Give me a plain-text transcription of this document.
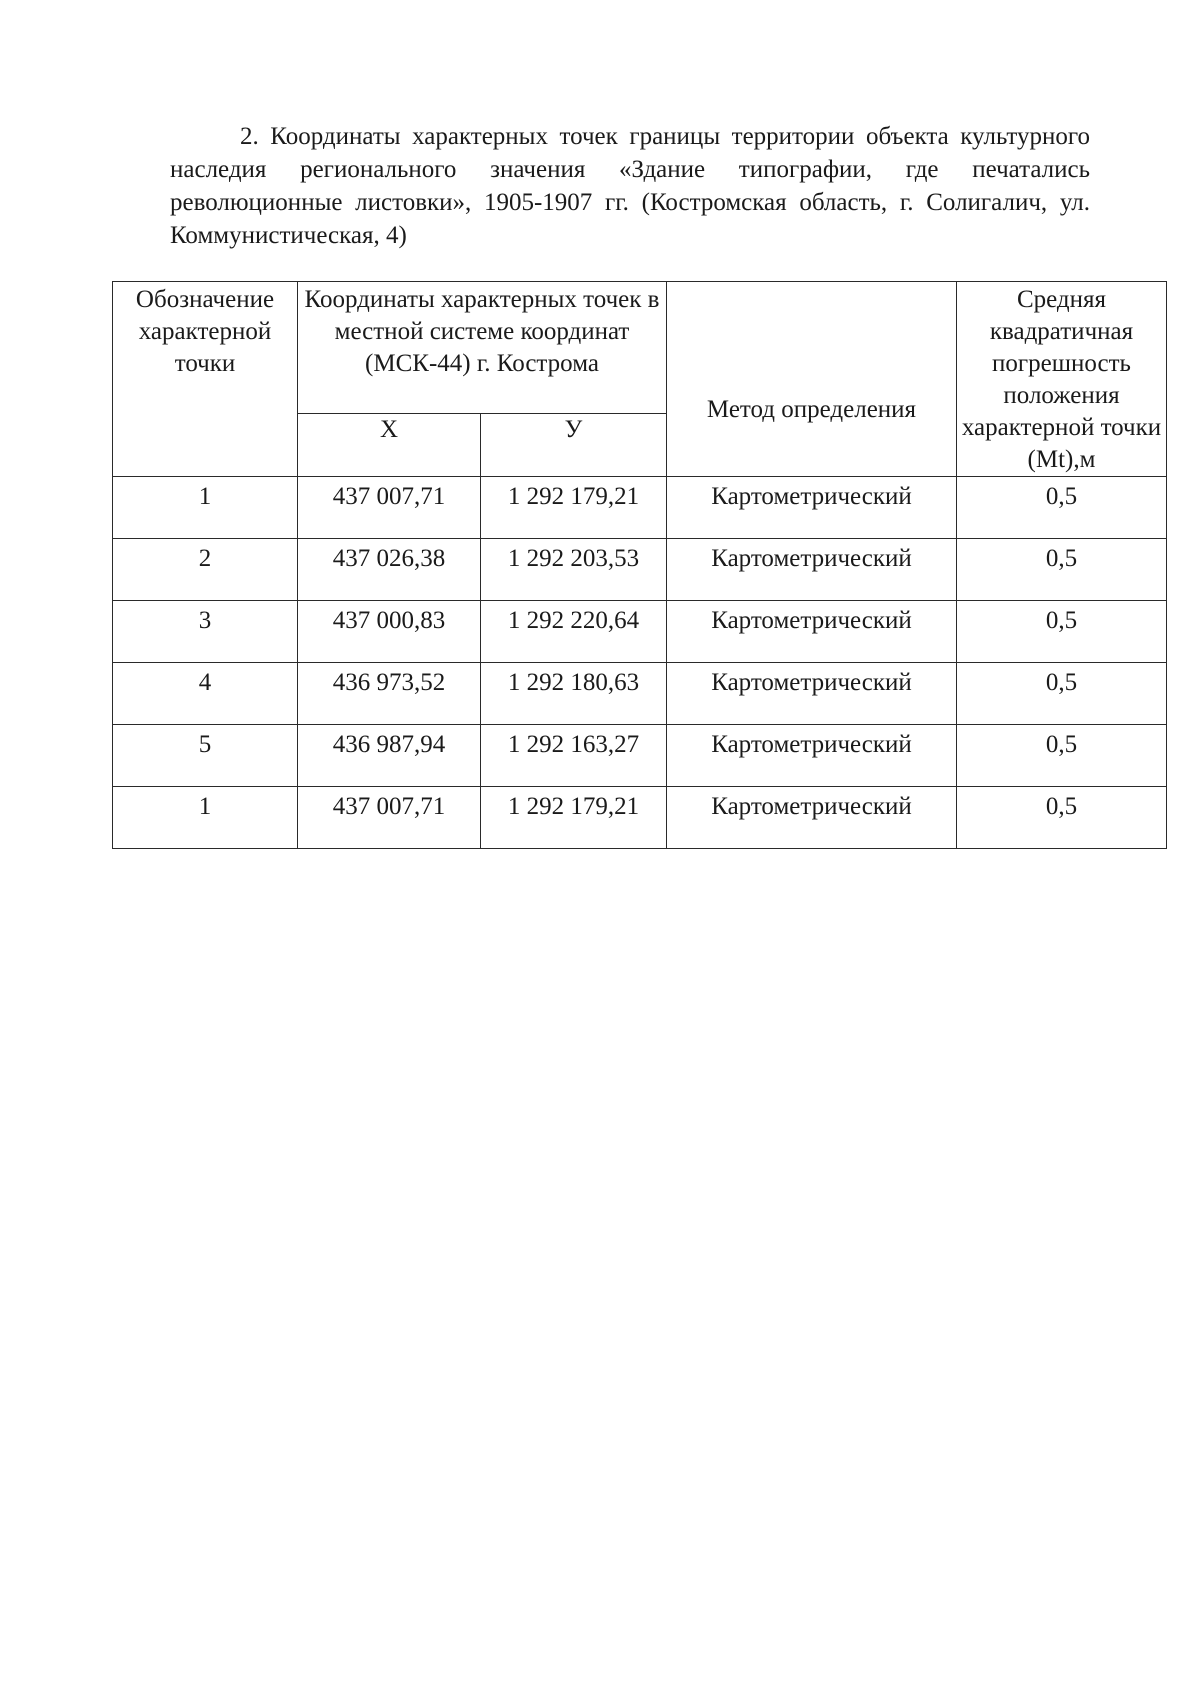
2. Координаты характерных точек границы территории объекта культурного наследия регионального значения «Здание типографии, где печатались революционные листовки», 1905-1907 гг. (Костромская область, г. Солигалич, ул. Коммунистическая, 4)

Обозначение характерной точки	Координаты характерных точек в местной системе координат (МСК-44) г. Кострома		Метод определения	Средняя квадратичная погрешность положения характерной точки (Mt),м

	Х	У		

1	437 007,71	1 292 179,21	Картометрический	0,5
2	437 026,38	1 292 203,53	Картометрический	0,5
3	437 000,83	1 292 220,64	Картометрический	0,5
4	436 973,52	1 292 180,63	Картометрический	0,5
5	436 987,94	1 292 163,27	Картометрический	0,5
1	437 007,71	1 292 179,21	Картометрический	0,5
